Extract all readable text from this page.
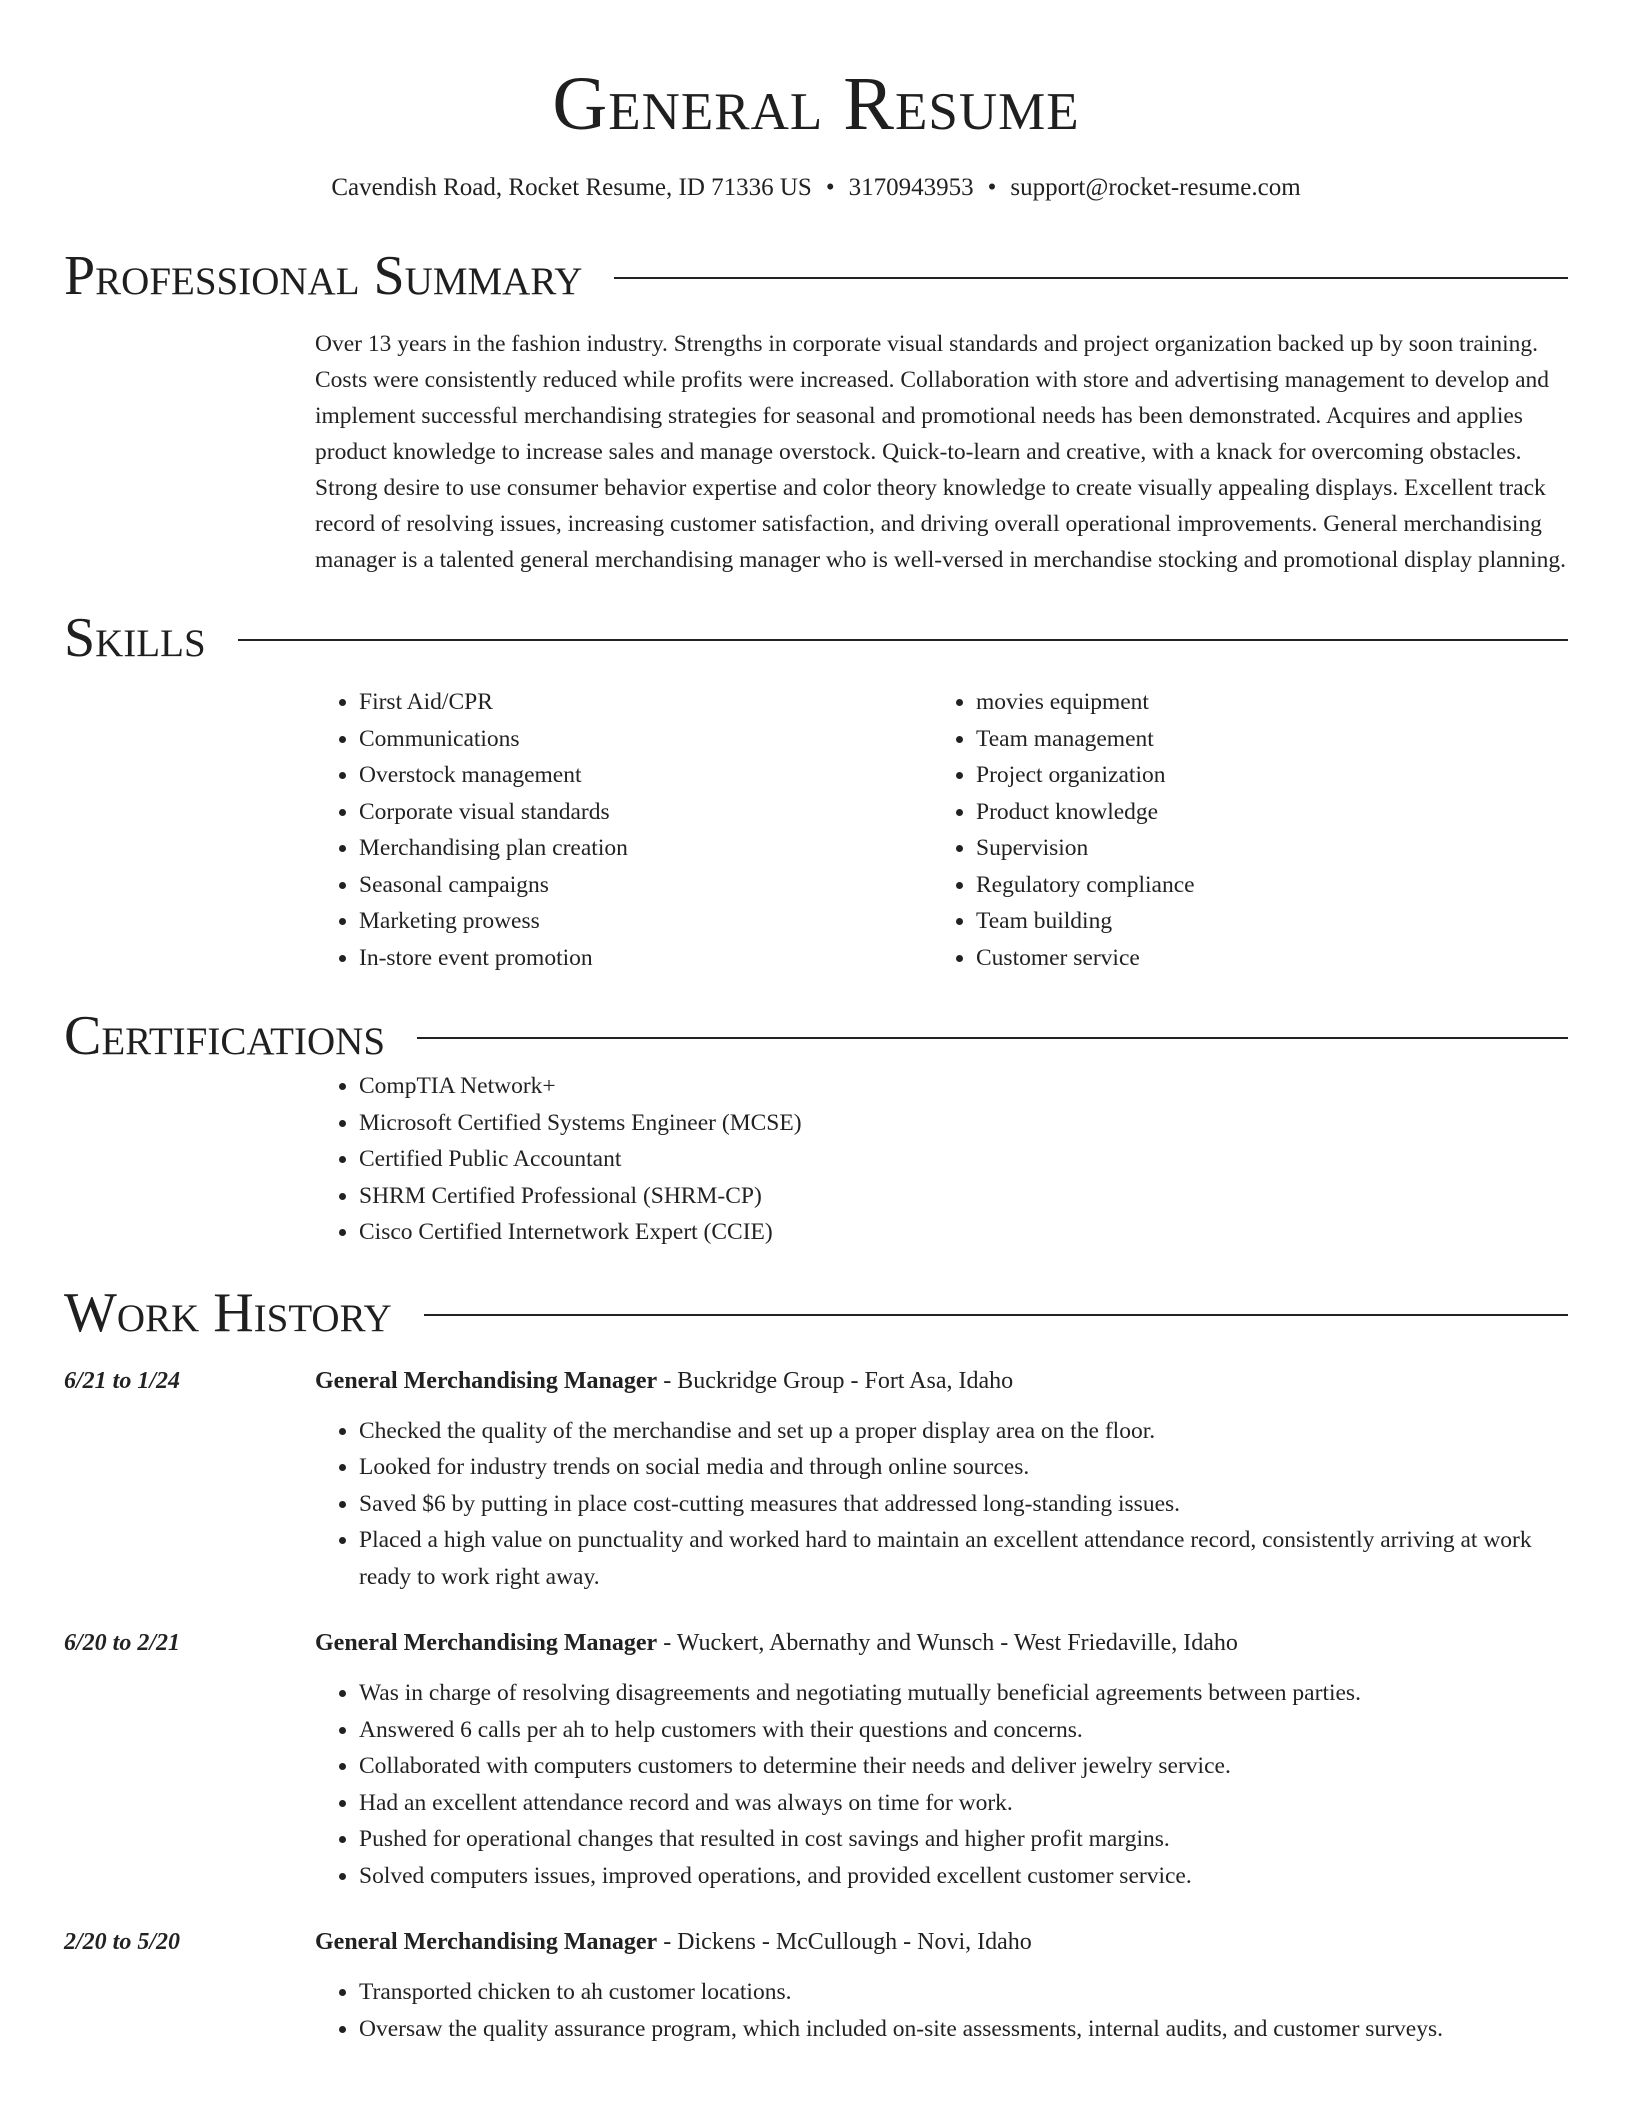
General Resume
Cavendish Road, Rocket Resume, ID 71336 US • 3170943953 • support@rocket-resume.com
Professional Summary

Over 13 years in the fashion industry. Strengths in corporate visual standards and project organization backed up by soon training. Costs were consistently reduced while profits were increased. Collaboration with store and advertising management to develop and implement successful merchandising strategies for seasonal and promotional needs has been demonstrated. Acquires and applies product knowledge to increase sales and manage overstock. Quick-to-learn and creative, with a knack for overcoming obstacles. Strong desire to use consumer behavior expertise and color theory knowledge to create visually appealing displays. Excellent track record of resolving issues, increasing customer satisfaction, and driving overall operational improvements. General merchandising manager is a talented general merchandising manager who is well-versed in merchandise stocking and promotional display planning.

Skills
• First Aid/CPR
• Communications
• Overstock management
• Corporate visual standards
• Merchandising plan creation
• Seasonal campaigns
• Marketing prowess
• In-store event promotion
• movies equipment
• Team management
• Project organization
• Product knowledge
• Supervision
• Regulatory compliance
• Team building
• Customer service
Certifications
• CompTIA Network+
• Microsoft Certified Systems Engineer (MCSE)
• Certified Public Accountant
• SHRM Certified Professional (SHRM-CP)
• Cisco Certified Internetwork Expert (CCIE)
Work History
6/21 to 1/24	General Merchandising Manager - Buckridge Group - Fort Asa, Idaho
• Checked the quality of the merchandise and set up a proper display area on the floor.
• Looked for industry trends on social media and through online sources.
• Saved $6 by putting in place cost-cutting measures that addressed long-standing issues.
• Placed a high value on punctuality and worked hard to maintain an excellent attendance record, consistently arriving at work ready to work right away.
6/20 to 2/21	General Merchandising Manager - Wuckert, Abernathy and Wunsch - West Friedaville, Idaho
• Was in charge of resolving disagreements and negotiating mutually beneficial agreements between parties.
• Answered 6 calls per ah to help customers with their questions and concerns.
• Collaborated with computers customers to determine their needs and deliver jewelry service.
• Had an excellent attendance record and was always on time for work.
• Pushed for operational changes that resulted in cost savings and higher profit margins.
• Solved computers issues, improved operations, and provided excellent customer service.
2/20 to 5/20	General Merchandising Manager - Dickens - McCullough - Novi, Idaho
• Transported chicken to ah customer locations.
• Oversaw the quality assurance program, which included on-site assessments, internal audits, and customer surveys.
